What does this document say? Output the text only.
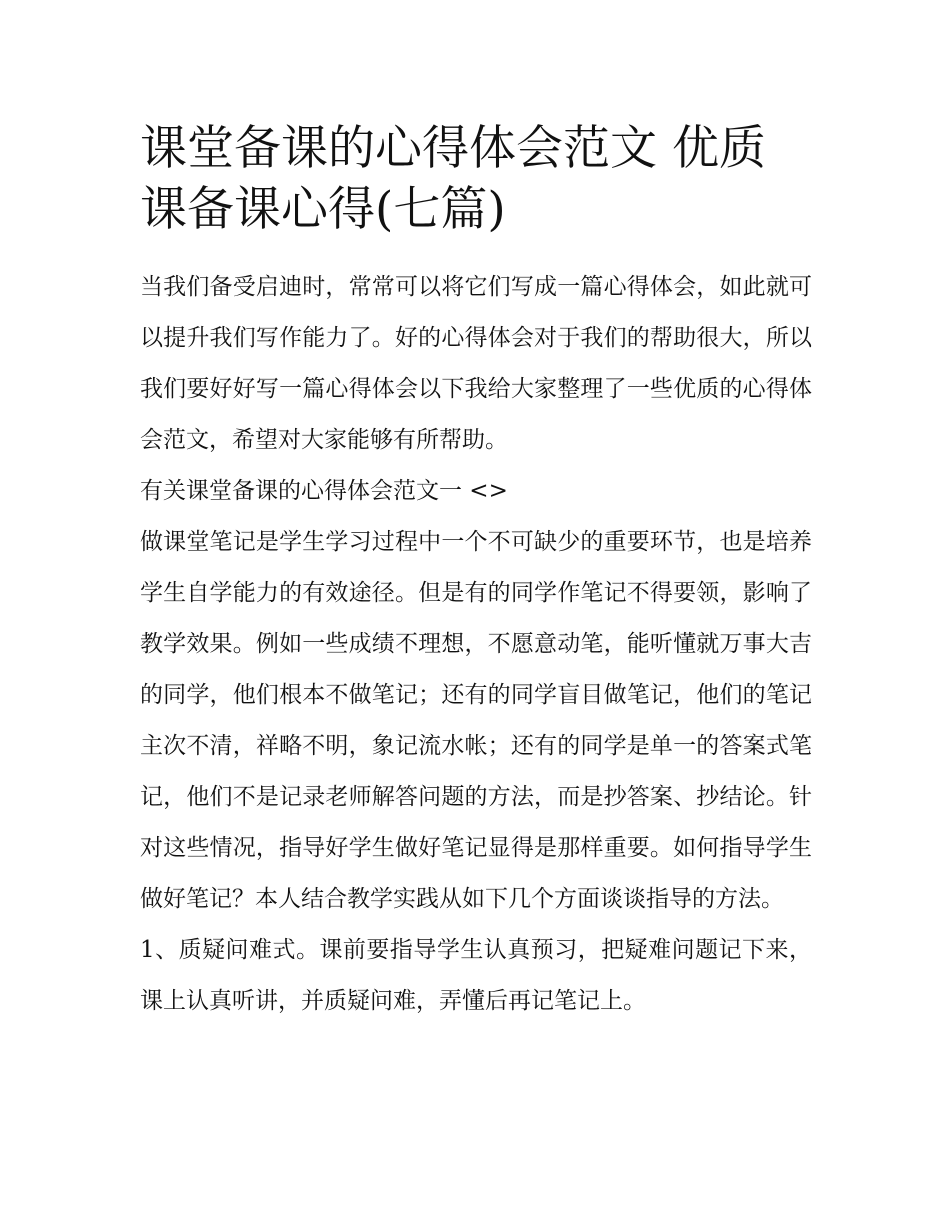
课堂备课的心得体会范文 优质
课备课心得(七篇)

当我们备受启迪时，常常可以将它们写成一篇心得体会，如此就可以提升我们写作能力了。好的心得体会对于我们的帮助很大，所以我们要好好写一篇心得体会以下我给大家整理了一些优质的心得体会范文，希望对大家能够有所帮助。

有关课堂备课的心得体会范文一 <>

做课堂笔记是学生学习过程中一个不可缺少的重要环节，也是培养学生自学能力的有效途径。但是有的同学作笔记不得要领，影响了教学效果。例如一些成绩不理想，不愿意动笔，能听懂就万事大吉的同学，他们根本不做笔记；还有的同学盲目做笔记，他们的笔记主次不清，祥略不明，象记流水帐；还有的同学是单一的答案式笔记，他们不是记录老师解答问题的方法，而是抄答案、抄结论。针对这些情况，指导好学生做好笔记显得是那样重要。如何指导学生做好笔记？本人结合教学实践从如下几个方面谈谈指导的方法。

1、质疑问难式。课前要指导学生认真预习，把疑难问题记下来，课上认真听讲，并质疑问难，弄懂后再记笔记上。
